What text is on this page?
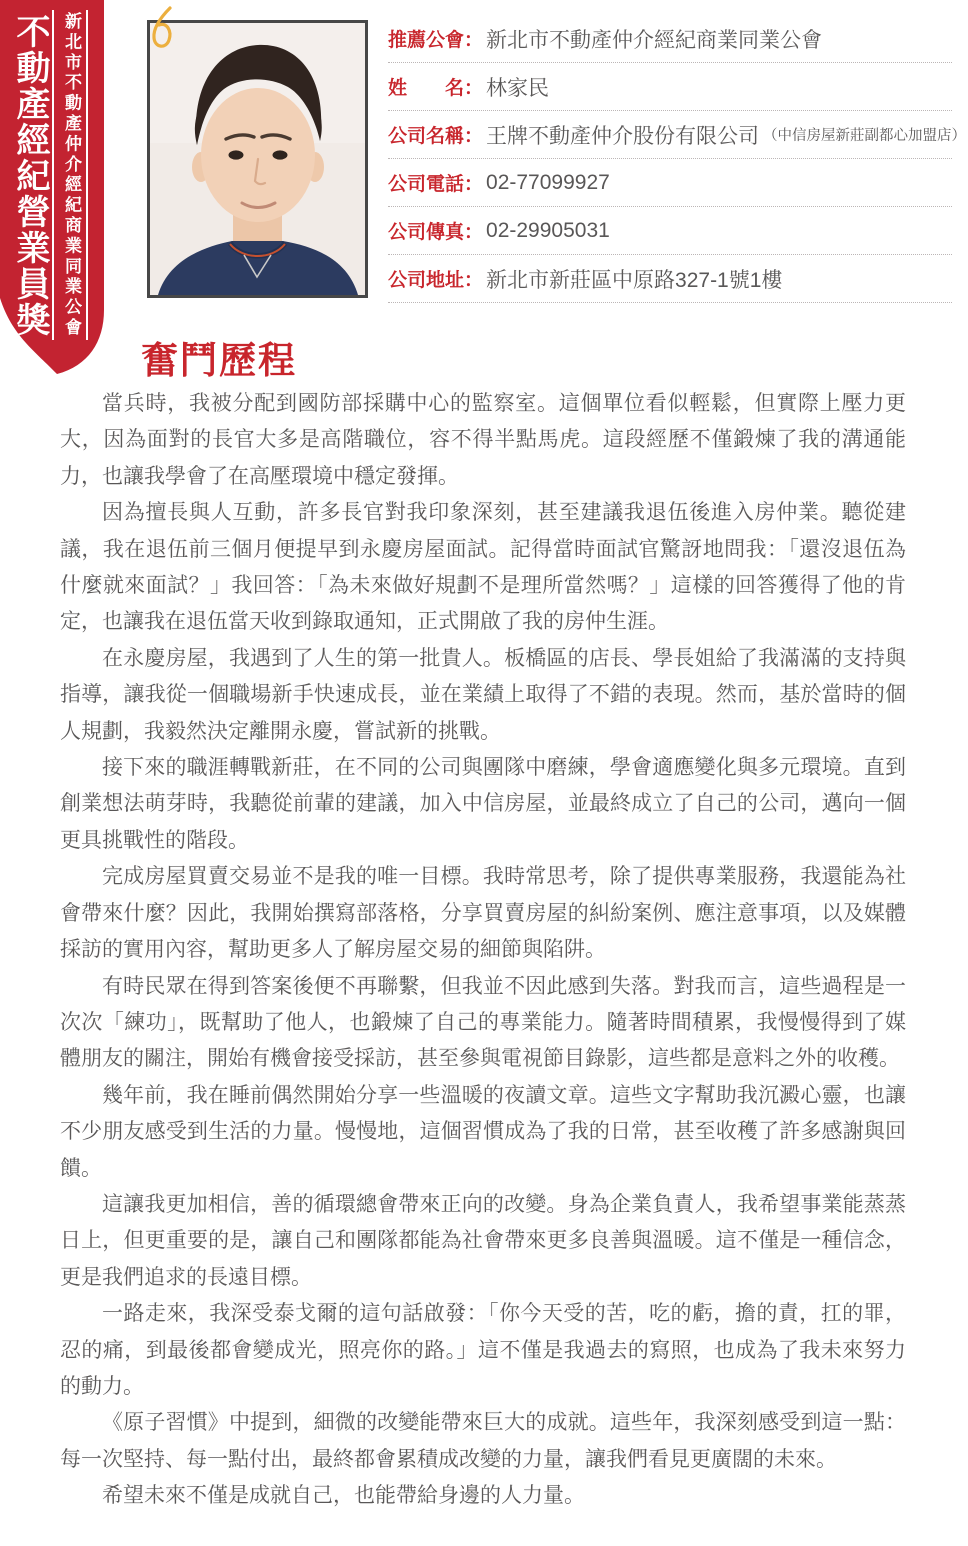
不動產經紀營業員獎 新北市不動產仲介經紀商業同業公會	推薦公會 ： 新北市不動產仲介經紀商業同業公會
姓　　名 ： 林家民
公司名稱 ： 王牌不動產仲介股份有限公司 （中信房屋新莊副都心加盟店）
公司電話 ： 02-77099927
公司傳真 ： 02-29905031
公司地址 ： 新北市新莊區中原路327-1號1樓
奮鬥歷程

當兵時，我被分配到國防部採購中心的監察室。這個單位看似輕鬆，但實際上壓力更大，因為面對的長官大多是高階職位，容不得半點馬虎。這段經歷不僅鍛煉了我的溝通能力，也讓我學會了在高壓環境中穩定發揮。

因為擅長與人互動，許多長官對我印象深刻，甚至建議我退伍後進入房仲業。聽從建議，我在退伍前三個月便提早到永慶房屋面試。記得當時面試官驚訝地問我：「還沒退伍為什麼就來面試？」我回答：「為未來做好規劃不是理所當然嗎？」這樣的回答獲得了他的肯定，也讓我在退伍當天收到錄取通知，正式開啟了我的房仲生涯。

在永慶房屋，我遇到了人生的第一批貴人。板橋區的店長、學長姐給了我滿滿的支持與指導，讓我從一個職場新手快速成長，並在業績上取得了不錯的表現。然而，基於當時的個人規劃，我毅然決定離開永慶，嘗試新的挑戰。

接下來的職涯轉戰新莊，在不同的公司與團隊中磨練，學會適應變化與多元環境。直到創業想法萌芽時，我聽從前輩的建議，加入中信房屋，並最終成立了自己的公司，邁向一個更具挑戰性的階段。

完成房屋買賣交易並不是我的唯一目標。我時常思考，除了提供專業服務，我還能為社會帶來什麼？因此，我開始撰寫部落格，分享買賣房屋的糾紛案例、應注意事項，以及媒體採訪的實用內容，幫助更多人了解房屋交易的細節與陷阱。

有時民眾在得到答案後便不再聯繫，但我並不因此感到失落。對我而言，這些過程是一次次「練功」，既幫助了他人，也鍛煉了自己的專業能力。隨著時間積累，我慢慢得到了媒體朋友的關注，開始有機會接受採訪，甚至參與電視節目錄影，這些都是意料之外的收穫。

幾年前，我在睡前偶然開始分享一些溫暖的夜讀文章。這些文字幫助我沉澱心靈，也讓不少朋友感受到生活的力量。慢慢地，這個習慣成為了我的日常，甚至收穫了許多感謝與回饋。

這讓我更加相信，善的循環總會帶來正向的改變。身為企業負責人，我希望事業能蒸蒸日上，但更重要的是，讓自己和團隊都能為社會帶來更多良善與溫暖。這不僅是一種信念，更是我們追求的長遠目標。

一路走來，我深受泰戈爾的這句話啟發：「你今天受的苦，吃的虧，擔的責，扛的罪，忍的痛，到最後都會變成光，照亮你的路。」這不僅是我過去的寫照，也成為了我未來努力的動力。

《原子習慣》中提到，細微的改變能帶來巨大的成就。這些年，我深刻感受到這一點：每一次堅持、每一點付出，最終都會累積成改變的力量，讓我們看見更廣闊的未來。

希望未來不僅是成就自己，也能帶給身邊的人力量。
